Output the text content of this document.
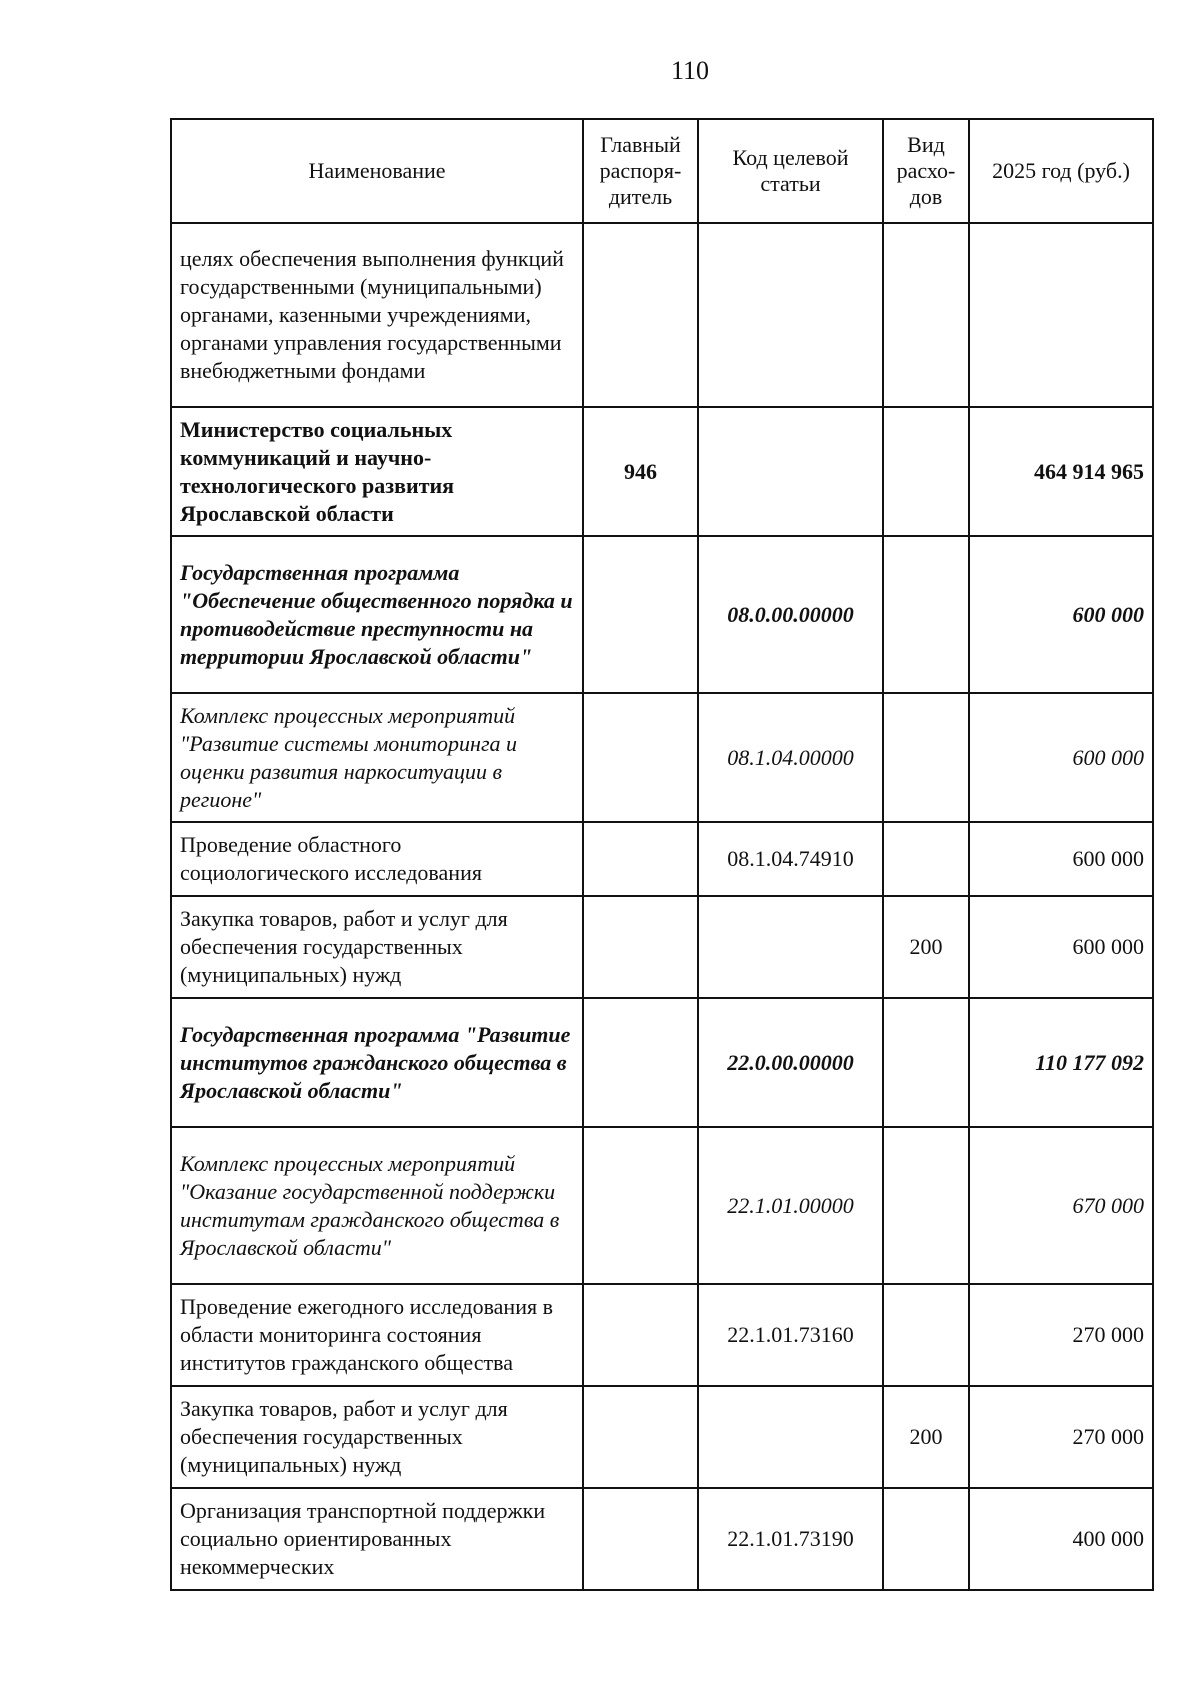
110
Наименование	Главный распоря-дитель	Код целевой статьи	Вид расхо-дов	2025 год (руб.)
целях обеспечения выполнения функций государственными (муниципальными) органами, казенными учреждениями, органами управления государственными внебюджетными фондами				
Министерство социальных коммуникаций и научно-технологического развития Ярославской области	946			464 914 965
Государственная программа "Обеспечение общественного порядка и противодействие преступности на территории Ярославской области"		08.0.00.00000		600 000
Комплекс процессных мероприятий "Развитие системы мониторинга и оценки развития наркоситуации в регионе"		08.1.04.00000		600 000
Проведение областного социологического исследования		08.1.04.74910		600 000
Закупка товаров, работ и услуг для обеспечения государственных (муниципальных) нужд			200	600 000
Государственная программа "Развитие институтов гражданского общества в Ярославской области"		22.0.00.00000		110 177 092
Комплекс процессных мероприятий "Оказание государственной поддержки институтам гражданского общества в Ярославской области"		22.1.01.00000		670 000
Проведение ежегодного исследования в области мониторинга состояния институтов гражданского общества		22.1.01.73160		270 000
Закупка товаров, работ и услуг для обеспечения государственных (муниципальных) нужд			200	270 000
Организация транспортной поддержки социально ориентированных некоммерческих		22.1.01.73190		400 000
